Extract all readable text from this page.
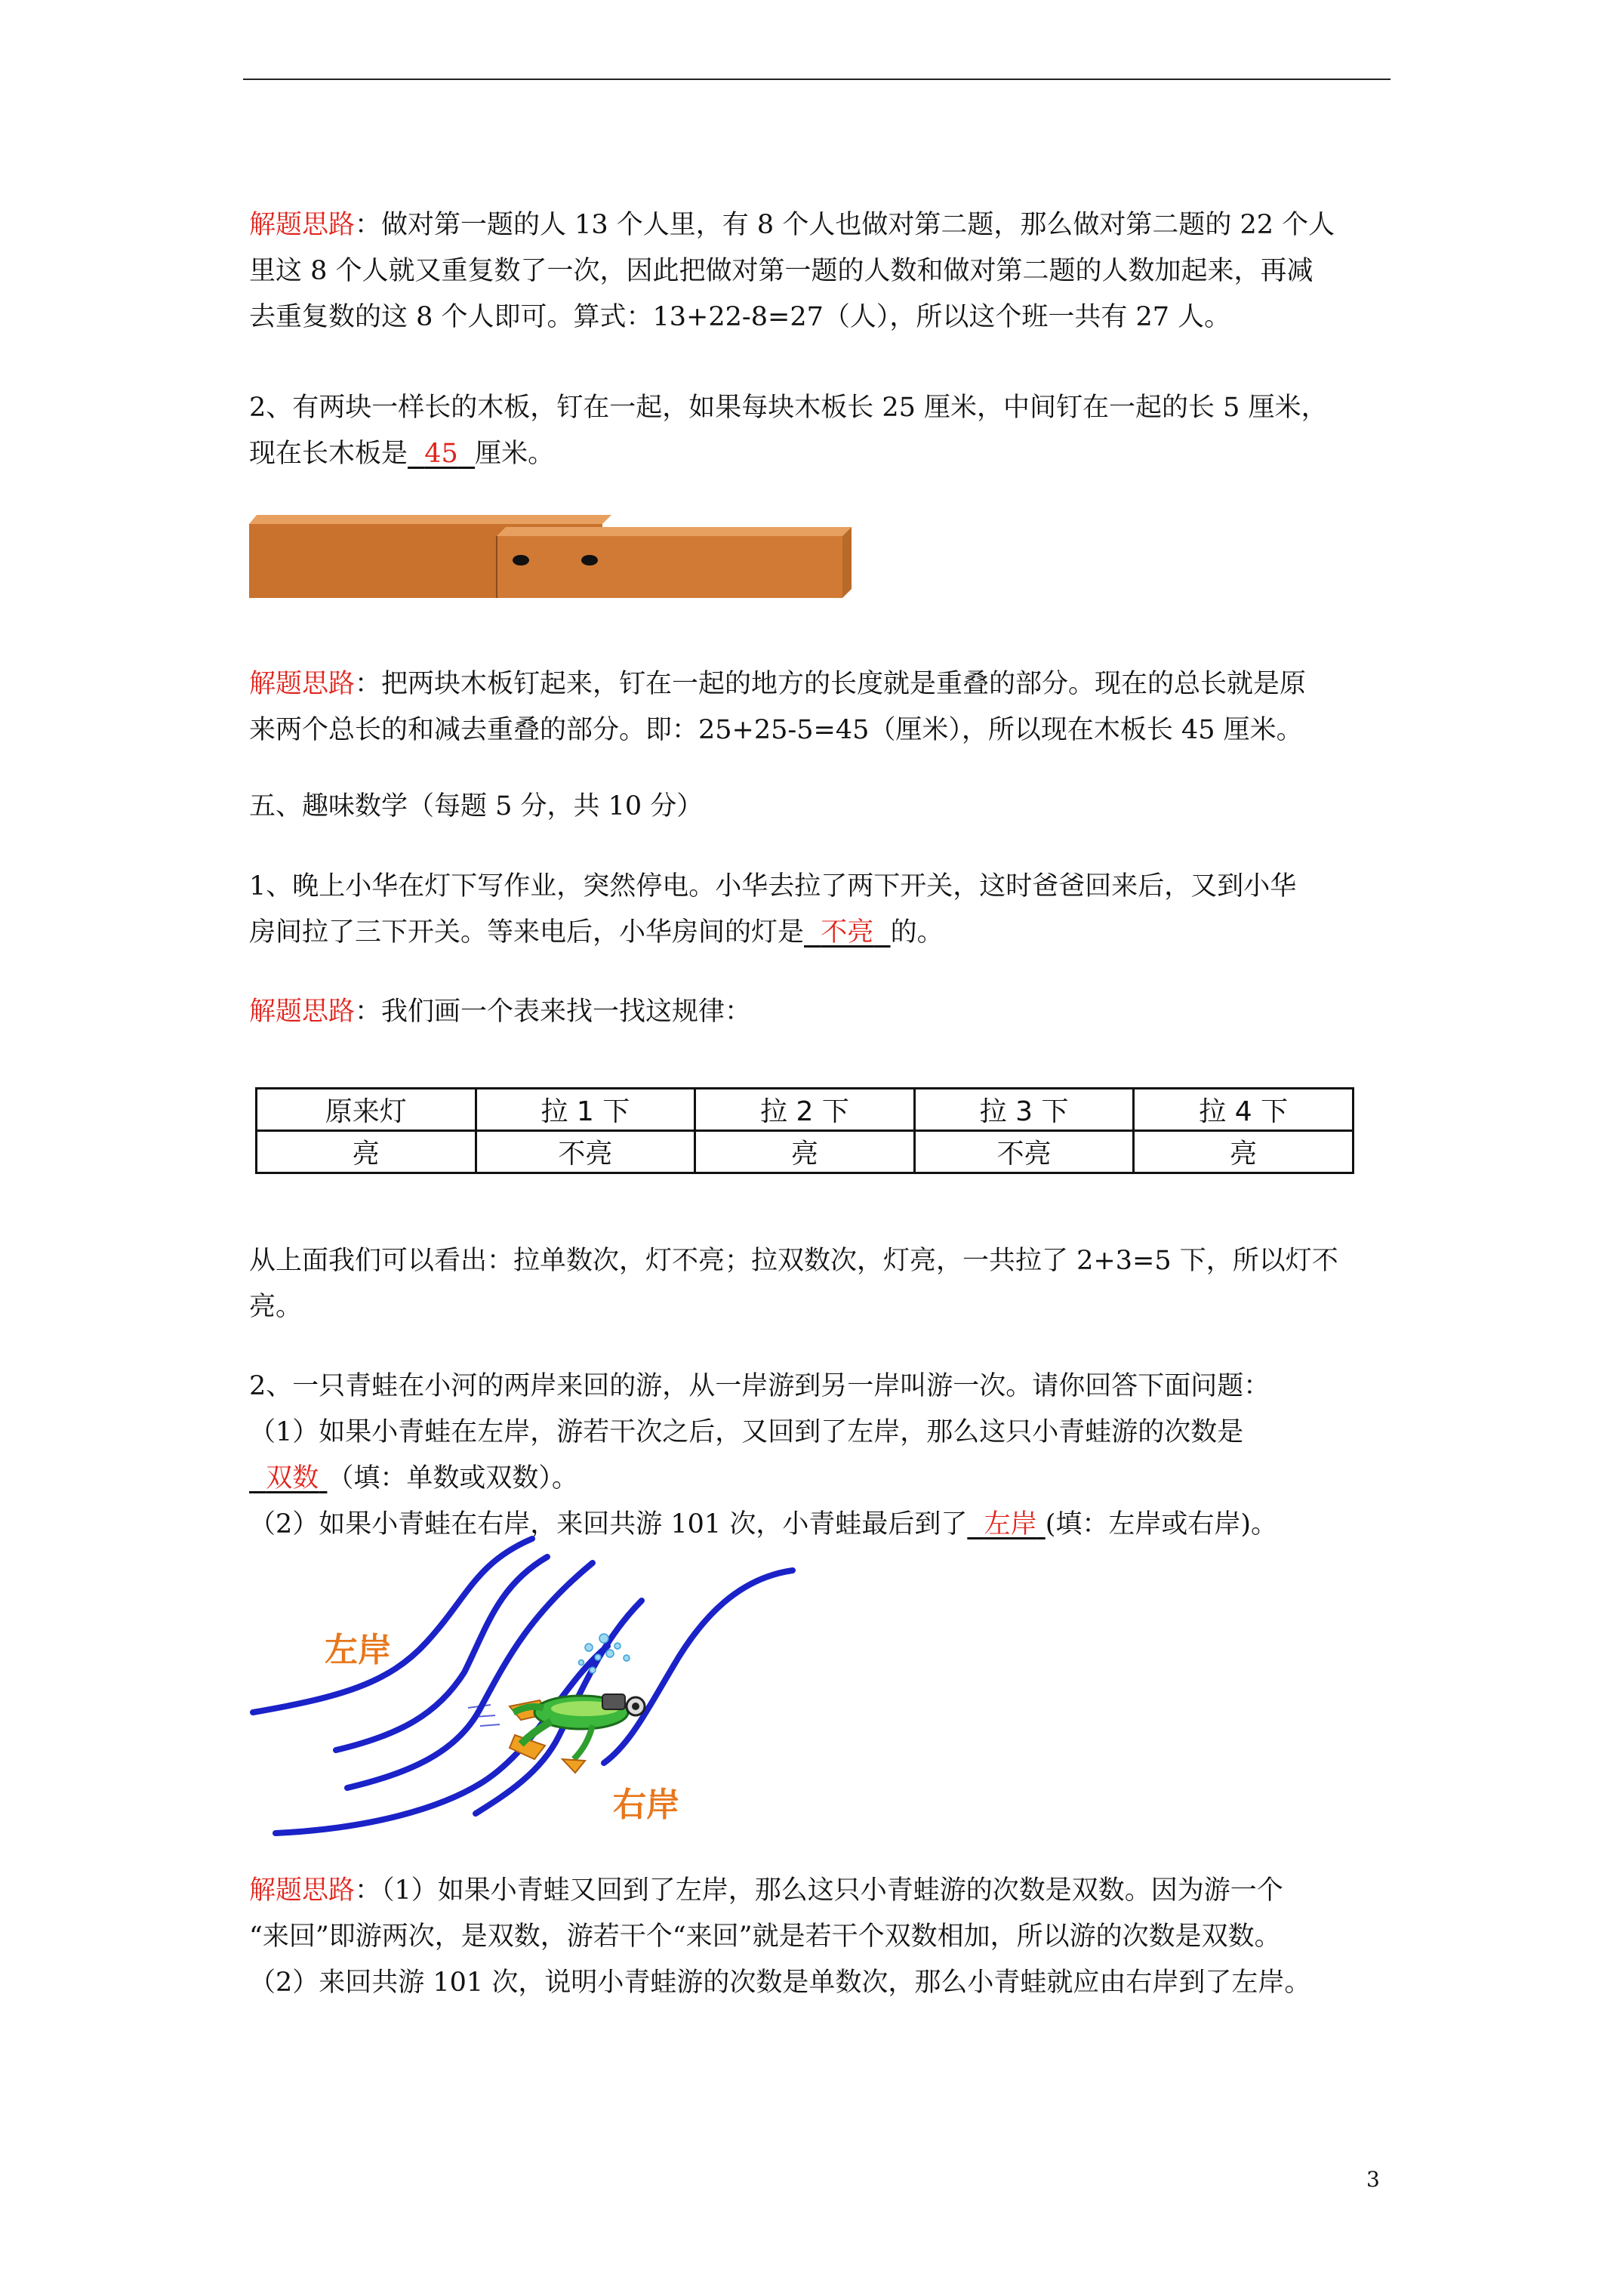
解题思路：做对第一题的人 13 个人里，有 8 个人也做对第二题，那么做对第二题的 22 个人
里这 8 个人就又重复数了一次，因此把做对第一题的人数和做对第二题的人数加起来，再减
去重复数的这 8 个人即可。算式：13+22-8=27（人），所以这个班一共有 27 人。
2、有两块一样长的木板，钉在一起，如果每块木板长 25 厘米，中间钉在一起的长 5 厘米，
现在长木板是 45 厘米。
解题思路：把两块木板钉起来，钉在一起的地方的长度就是重叠的部分。现在的总长就是原
来两个总长的和减去重叠的部分。即：25+25-5=45（厘米），所以现在木板长 45 厘米。
五、趣味数学（每题 5 分，共 10 分）
1、晚上小华在灯下写作业，突然停电。小华去拉了两下开关，这时爸爸回来后，又到小华
房间拉了三下开关。等来电后，小华房间的灯是 不亮 的。
解题思路：我们画一个表来找一找这规律：
原来灯	拉 1 下	拉 2 下	拉 3 下	拉 4 下
亮	不亮	亮	不亮	亮
从上面我们可以看出：拉单数次，灯不亮；拉双数次，灯亮，一共拉了 2+3=5 下，所以灯不
亮。
2、一只青蛙在小河的两岸来回的游，从一岸游到另一岸叫游一次。请你回答下面问题：
（1）如果小青蛙在左岸，游若干次之后，又回到了左岸，那么这只小青蛙游的次数是
双数 （填：单数或双数）。
（2）如果小青蛙在右岸，来回共游 101 次，小青蛙最后到了 左岸 (填：左岸或右岸)。
左岸
右岸
解题思路：（1）如果小青蛙又回到了左岸，那么这只小青蛙游的次数是双数。因为游一个
“来回”即游两次，是双数，游若干个“来回”就是若干个双数相加，所以游的次数是双数。
（2）来回共游 101 次，说明小青蛙游的次数是单数次，那么小青蛙就应由右岸到了左岸。
3
